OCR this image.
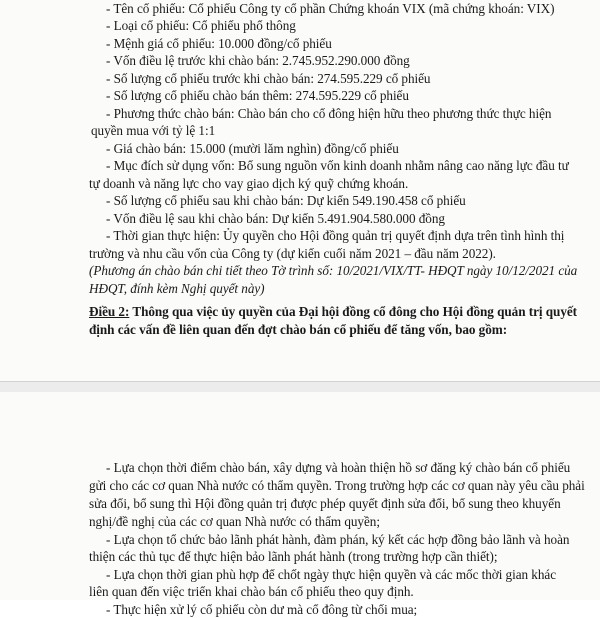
- Tên cổ phiếu: Cổ phiếu Công ty cổ phần Chứng khoán VIX (mã chứng khoán: VIX)
- Loại cổ phiếu: Cổ phiếu phổ thông
- Mệnh giá cổ phiếu: 10.000 đồng/cổ phiếu
- Vốn điều lệ trước khi chào bán: 2.745.952.290.000 đồng
- Số lượng cổ phiếu trước khi chào bán: 274.595.229 cổ phiếu
- Số lượng cổ phiếu chào bán thêm: 274.595.229 cổ phiếu
- Phương thức chào bán: Chào bán cho cổ đông hiện hữu theo phương thức thực hiện
quyền mua với tỷ lệ 1:1
- Giá chào bán: 15.000 (mười lăm nghìn) đồng/cổ phiếu
- Mục đích sử dụng vốn: Bổ sung nguồn vốn kinh doanh nhằm nâng cao năng lực đầu tư
tự doanh và năng lực cho vay giao dịch ký quỹ chứng khoán.
- Số lượng cổ phiếu sau khi chào bán: Dự kiến 549.190.458 cổ phiếu
- Vốn điều lệ sau khi chào bán: Dự kiến 5.491.904.580.000 đồng
- Thời gian thực hiện: Ủy quyền cho Hội đồng quản trị quyết định dựa trên tình hình thị
trường và nhu cầu vốn của Công ty (dự kiến cuối năm 2021 – đầu năm 2022).
(Phương án chào bán chi tiết theo Tờ trình số: 10/2021/VIX/TT- HĐQT ngày 10/12/2021 của
HĐQT, đính kèm Nghị quyết này)
Điều 2: Thông qua việc ủy quyền của Đại hội đồng cổ đông cho Hội đồng quản trị quyết
định các vấn đề liên quan đến đợt chào bán cổ phiếu để tăng vốn, bao gồm:
- Lựa chọn thời điểm chào bán, xây dựng và hoàn thiện hồ sơ đăng ký chào bán cổ phiếu
gửi cho các cơ quan Nhà nước có thẩm quyền. Trong trường hợp các cơ quan này yêu cầu phải
sửa đổi, bổ sung thì Hội đồng quản trị được phép quyết định sửa đổi, bổ sung theo khuyến
nghị/đề nghị của các cơ quan Nhà nước có thẩm quyền;
- Lựa chọn tổ chức bảo lãnh phát hành, đàm phán, ký kết các hợp đồng bảo lãnh và hoàn
thiện các thủ tục để thực hiện bảo lãnh phát hành (trong trường hợp cần thiết);
- Lựa chọn thời gian phù hợp để chốt ngày thực hiện quyền và các mốc thời gian khác
liên quan đến việc triển khai chào bán cổ phiếu theo quy định.
- Thực hiện xử lý cổ phiếu còn dư mà cổ đông từ chối mua;
